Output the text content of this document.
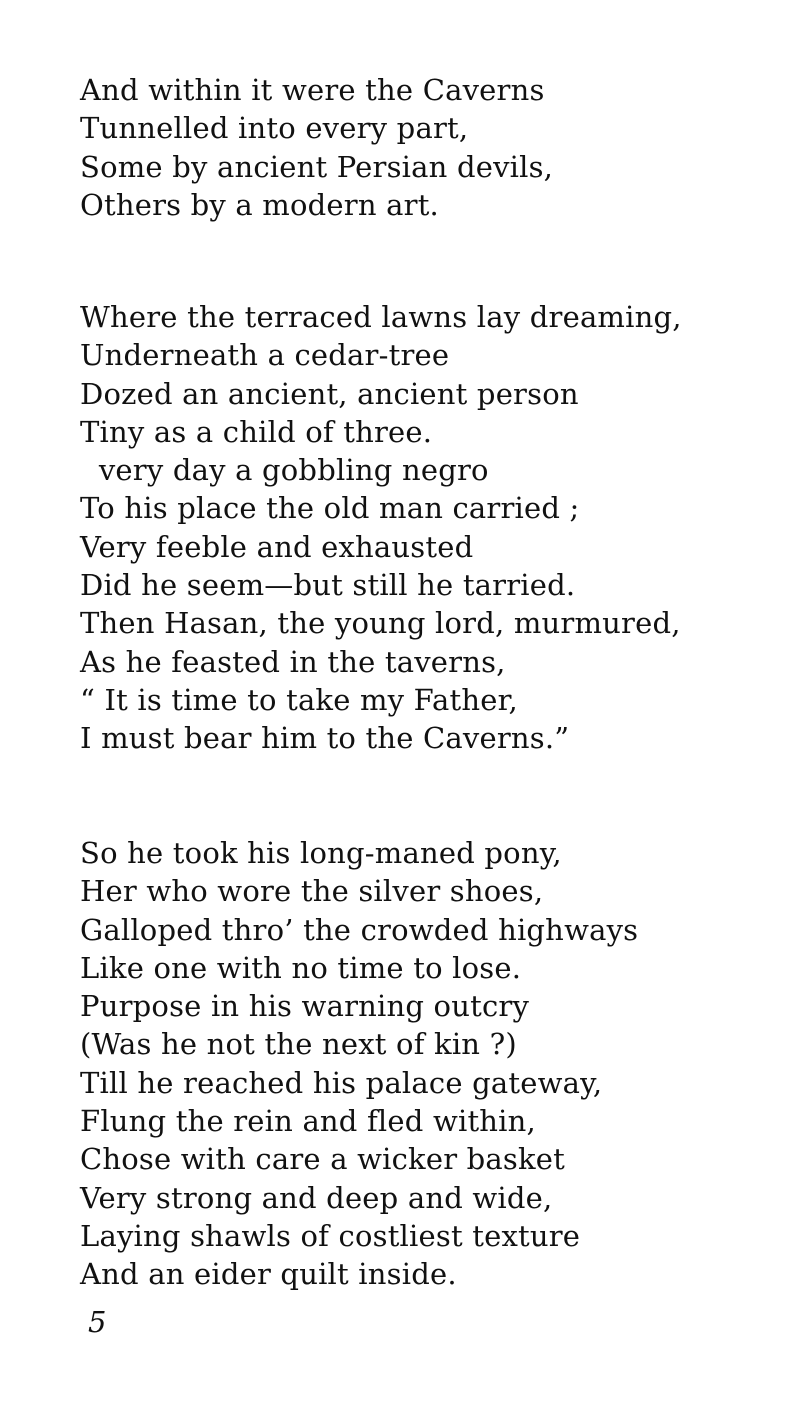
And within it were the Caverns
Tunnelled into every part,
Some by ancient Persian devils,
Others by a modern art.
Where the terraced lawns lay dreaming,
Underneath a cedar-tree
Dozed an ancient, ancient person
Tiny as a child of three.
very day a gobbling negro
To his place the old man carried ;
Very feeble and exhausted
Did he seem—but still he tarried.
Then Hasan, the young lord, murmured,
As he feasted in the taverns,
“ It is time to take my Father,
I must bear him to the Caverns.”
So he took his long-maned pony,
Her who wore the silver shoes,
Galloped thro’ the crowded highways
Like one with no time to lose.
Purpose in his warning outcry
(Was he not the next of kin ?)
Till he reached his palace gateway,
Flung the rein and fled within,
Chose with care a wicker basket
Very strong and deep and wide,
Laying shawls of costliest texture
And an eider quilt inside.
5
